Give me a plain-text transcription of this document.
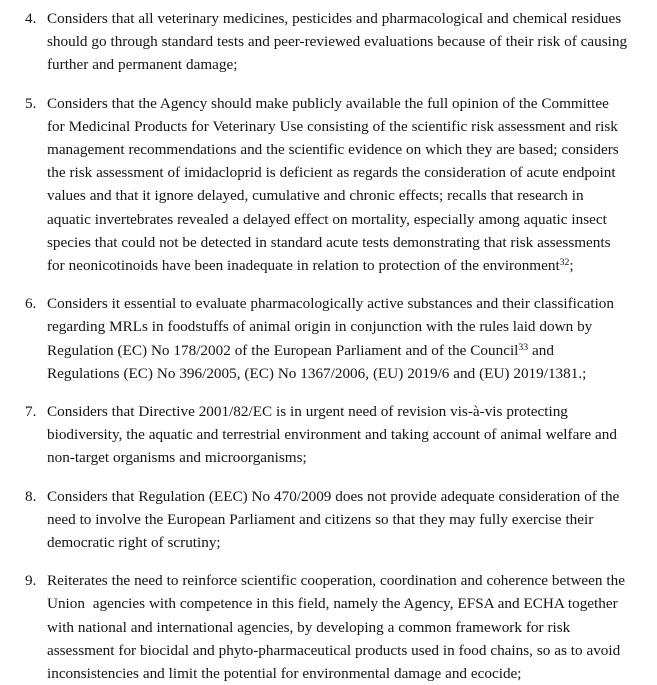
4. Considers that all veterinary medicines, pesticides and pharmacological and chemical residues should go through standard tests and peer-reviewed evaluations because of their risk of causing further and permanent damage;
5. Considers that the Agency should make publicly available the full opinion of the Committee for Medicinal Products for Veterinary Use consisting of the scientific risk assessment and risk management recommendations and the scientific evidence on which they are based; considers the risk assessment of imidacloprid is deficient as regards the consideration of acute endpoint values and that it ignore delayed, cumulative and chronic effects; recalls that research in aquatic invertebrates revealed a delayed effect on mortality, especially among aquatic insect species that could not be detected in standard acute tests demonstrating that risk assessments for neonicotinoids have been inadequate in relation to protection of the environment$^{32}$;
6. Considers it essential to evaluate pharmacologically active substances and their classification regarding MRLs in foodstuffs of animal origin in conjunction with the rules laid down by Regulation (EC) No 178/2002 of the European Parliament and of the Council$^{33}$ and Regulations (EC) No 396/2005, (EC) No 1367/2006, (EU) 2019/6 and (EU) 2019/1381.;
7. Considers that Directive 2001/82/EC is in urgent need of revision vis-à-vis protecting biodiversity, the aquatic and terrestrial environment and taking account of animal welfare and non-target organisms and microorganisms;
8. Considers that Regulation (EEC) No 470/2009 does not provide adequate consideration of the need to involve the European Parliament and citizens so that they may fully exercise their democratic right of scrutiny;
9. Reiterates the need to reinforce scientific cooperation, coordination and coherence between the Union  agencies with competence in this field, namely the Agency, EFSA and ECHA together with national and international agencies, by developing a common framework for risk assessment for biocidal and phyto-pharmaceutical products used in food chains, so as to avoid inconsistencies and limit the potential for environmental damage and ecocide;
